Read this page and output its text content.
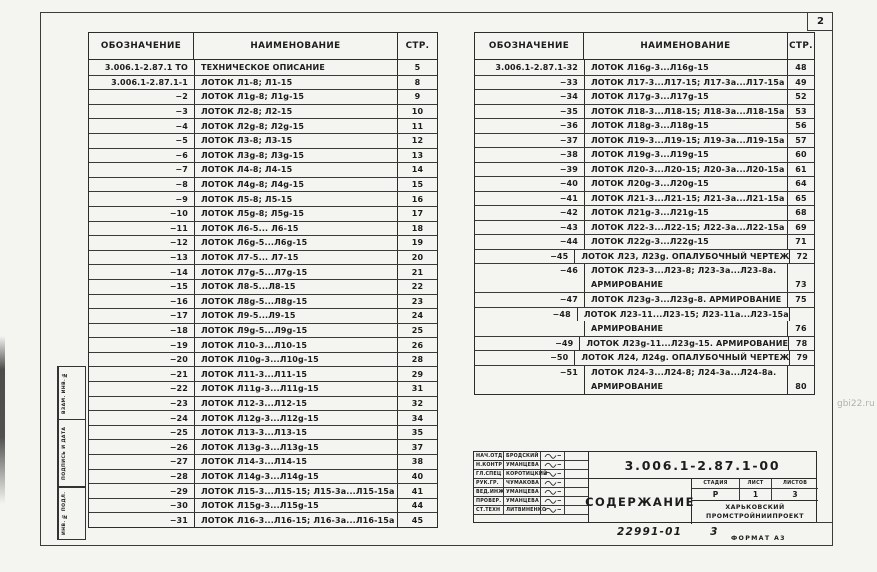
2
ОБОЗНАЧЕНИЕ	НАИМЕНОВАНИЕ	СТР.
3.006.1-2.87.1 ТО	ТЕХНИЧЕСКОЕ ОПИСАНИЕ	5
3.006.1-2.87.1-1	ЛОТОК Л1-8; Л1-15	8
−2	ЛОТОК Л1g-8; Л1g-15	9
−3	ЛОТОК Л2-8; Л2-15	10
−4	ЛОТОК Л2g-8; Л2g-15	11
−5	ЛОТОК Л3-8; Л3-15	12
−6	ЛОТОК Л3g-8; Л3g-15	13
−7	ЛОТОК Л4-8; Л4-15	14
−8	ЛОТОК Л4g-8; Л4g-15	15
−9	ЛОТОК Л5-8; Л5-15	16
−10	ЛОТОК Л5g-8; Л5g-15	17
−11	ЛОТОК Л6-5... Л6-15	18
−12	ЛОТОК Л6g-5...Л6g-15	19
−13	ЛОТОК Л7-5... Л7-15	20
−14	ЛОТОК Л7g-5...Л7g-15	21
−15	ЛОТОК Л8-5...Л8-15	22
−16	ЛОТОК Л8g-5...Л8g-15	23
−17	ЛОТОК Л9-5...Л9-15	24
−18	ЛОТОК Л9g-5...Л9g-15	25
−19	ЛОТОК Л10-3...Л10-15	26
−20	ЛОТОК Л10g-3...Л10g-15	28
−21	ЛОТОК Л11-3...Л11-15	29
−22	ЛОТОК Л11g-3...Л11g-15	31
−23	ЛОТОК Л12-3...Л12-15	32
−24	ЛОТОК Л12g-3...Л12g-15	34
−25	ЛОТОК Л13-3...Л13-15	35
−26	ЛОТОК Л13g-3...Л13g-15	37
−27	ЛОТОК Л14-3...Л14-15	38
−28	ЛОТОК Л14g-3...Л14g-15	40
−29	ЛОТОК Л15-3...Л15-15; Л15-3а...Л15-15а	41
−30	ЛОТОК Л15g-3...Л15g-15	44
−31	ЛОТОК Л16-3...Л16-15; Л16-3а...Л16-15а	45
ОБОЗНАЧЕНИЕ	НАИМЕНОВАНИЕ	СТР.
3.006.1-2.87.1-32	ЛОТОК Л16g-3...Л16g-15	48
−33	ЛОТОК Л17-3...Л17-15; Л17-3а...Л17-15а	49
−34	ЛОТОК Л17g-3...Л17g-15	52
−35	ЛОТОК Л18-3...Л18-15; Л18-3а...Л18-15а	53
−36	ЛОТОК Л18g-3...Л18g-15	56
−37	ЛОТОК Л19-3...Л19-15; Л19-3а...Л19-15а	57
−38	ЛОТОК Л19g-3...Л19g-15	60
−39	ЛОТОК Л20-3...Л20-15; Л20-3а...Л20-15а	61
−40	ЛОТОК Л20g-3...Л20g-15	64
−41	ЛОТОК Л21-3...Л21-15; Л21-3а...Л21-15а	65
−42	ЛОТОК Л21g-3...Л21g-15	68
−43	ЛОТОК Л22-3...Л22-15; Л22-3а...Л22-15а	69
−44	ЛОТОК Л22g-3...Л22g-15	71
−45	ЛОТОК Л23, Л23g. ОПАЛУБОЧНЫЙ ЧЕРТЕЖ 72
−46	ЛОТОК Л23-3...Л23-8; Л23-3а...Л23-8а.
АРМИРОВАНИЕ	73
−47	ЛОТОК Л23g-3...Л23g-8. АРМИРОВАНИЕ	75
−48	ЛОТОК Л23-11...Л23-15; Л23-11а...Л23-15а
АРМИРОВАНИЕ	76
−49	ЛОТОК Л23g-11...Л23g-15. АРМИРОВАНИЕ 78
−50	ЛОТОК Л24, Л24g. ОПАЛУБОЧНЫЙ ЧЕРТЕЖ 79
−51	ЛОТОК Л24-3...Л24-8; Л24-3а...Л24-8а.
АРМИРОВАНИЕ	80
ВЗАМ. ИНВ. №
ПОДПИСЬ И ДАТА
ИНВ. № ПОДЛ.
НАЧ.ОТД. БРОДСКИЙ
Н.КОНТР УМАНЦЕВА
ГЛ.СПЕЦ КОРОТИЦКИЙ
РУК.ГР.	ЧУМАКОВА
ВЕД.ИНЖ УМАНЦЕВА
ПРОВЕР. УМАНЦЕВА
СТ.ТЕХН	ЛИТВИНЕНКО
3.006.1-2.87.1-00
СОДЕРЖАНИЕ
СТАДИЯ	ЛИСТ	ЛИСТОВ
Р	1	3
ХАРЬКОВСКИЙ
ПРОМСТРОЙНИИПРОЕКТ
22991-01	3
ФОРМАТ А3
gbi22.ru
